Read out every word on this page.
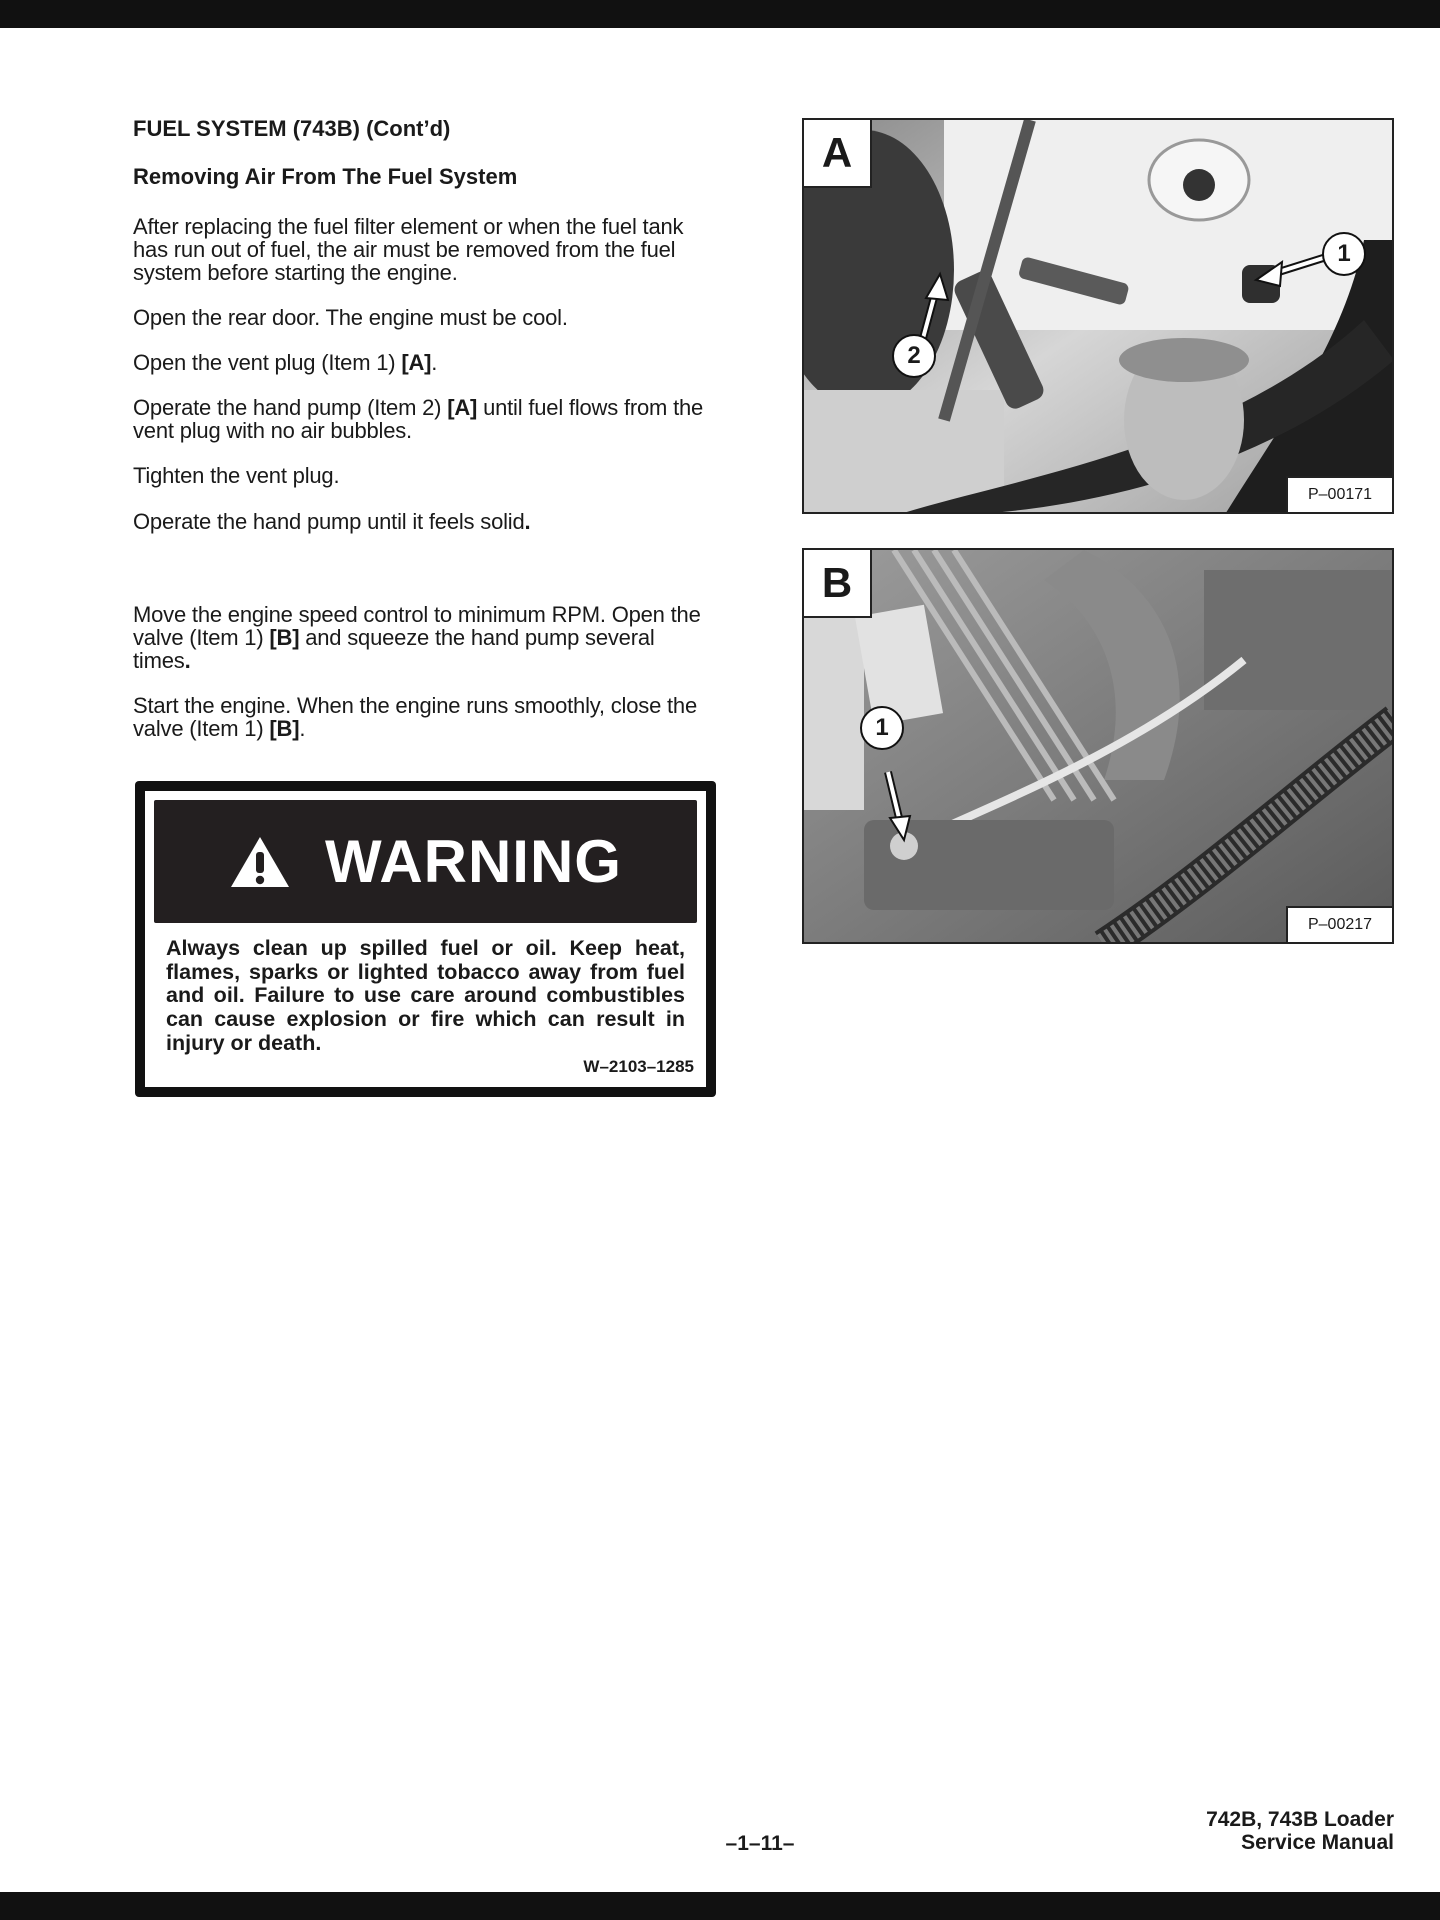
FUEL SYSTEM (743B) (Cont’d)

Removing Air From The Fuel System

After replacing the fuel filter element or when the fuel tank has run out of fuel, the air must be removed from the fuel system before starting the engine.

Open the rear door. The engine must be cool.

Open the vent plug (Item 1) [A].

Operate the hand pump (Item 2) [A] until fuel flows from the vent plug with no air bubbles.

Tighten the vent plug.

Operate the hand pump until it feels solid.

Move the engine speed control to minimum RPM. Open the valve (Item 1) [B] and squeeze the hand pump several times.

Start the engine. When the engine runs smoothly, close the valve (Item 1) [B].

WARNING

Always clean up spilled fuel or oil. Keep heat, flames, sparks or lighted tobacco away from fuel and oil. Failure to use care around combustibles can cause explosion or fire which can result in injury or death.

W–2103–1285
A
1
2
P–00171
B
1
P–00217
–1–11–
742B, 743B Loader
Service Manual
